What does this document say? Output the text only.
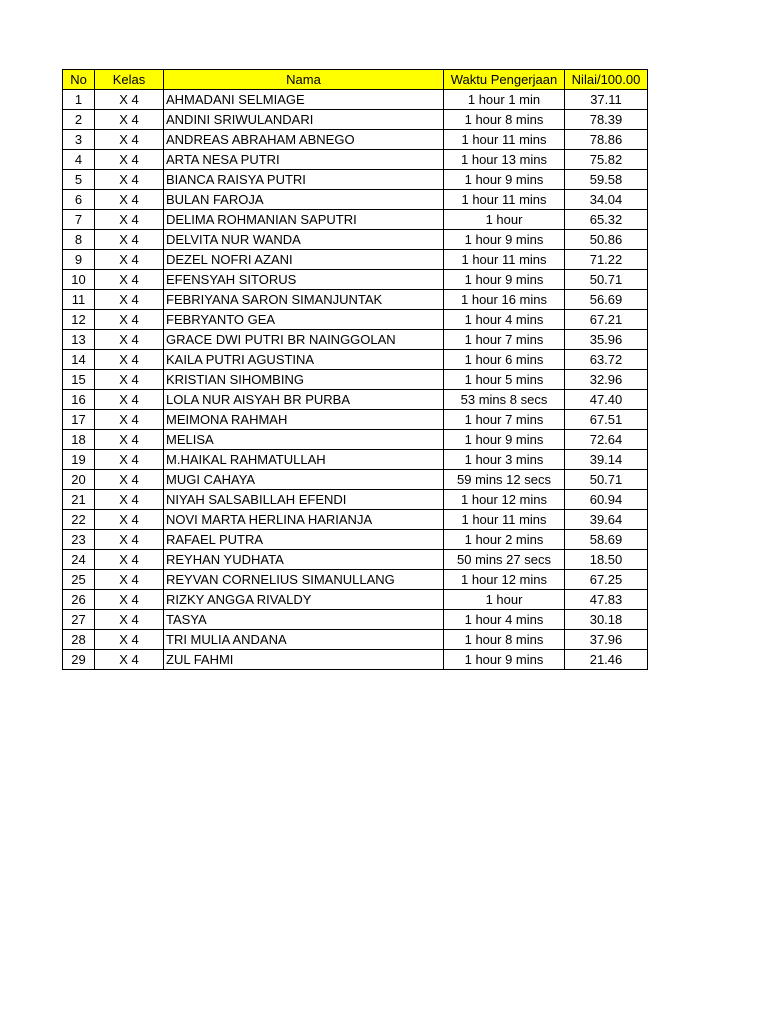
No	Kelas	Nama	Waktu Pengerjaan	Nilai/100.00
1	X 4	AHMADANI SELMIAGE	1 hour 1 min	37.11
2	X 4	ANDINI SRIWULANDARI	1 hour 8 mins	78.39
3	X 4	ANDREAS ABRAHAM ABNEGO	1 hour 11 mins	78.86
4	X 4	ARTA NESA PUTRI	1 hour 13 mins	75.82
5	X 4	BIANCA RAISYA PUTRI	1 hour 9 mins	59.58
6	X 4	BULAN FAROJA	1 hour 11 mins	34.04
7	X 4	DELIMA ROHMANIAN SAPUTRI	1 hour	65.32
8	X 4	DELVITA NUR WANDA	1 hour 9 mins	50.86
9	X 4	DEZEL NOFRI AZANI	1 hour 11 mins	71.22
10	X 4	EFENSYAH SITORUS	1 hour 9 mins	50.71
11	X 4	FEBRIYANA SARON SIMANJUNTAK	1 hour 16 mins	56.69
12	X 4	FEBRYANTO GEA	1 hour 4 mins	67.21
13	X 4	GRACE DWI PUTRI BR NAINGGOLAN	1 hour 7 mins	35.96
14	X 4	KAILA PUTRI AGUSTINA	1 hour 6 mins	63.72
15	X 4	KRISTIAN SIHOMBING	1 hour 5 mins	32.96
16	X 4	LOLA NUR AISYAH BR PURBA	53 mins 8 secs	47.40
17	X 4	MEIMONA RAHMAH	1 hour 7 mins	67.51
18	X 4	MELISA	1 hour 9 mins	72.64
19	X 4	M.HAIKAL RAHMATULLAH	1 hour 3 mins	39.14
20	X 4	MUGI CAHAYA	59 mins 12 secs	50.71
21	X 4	NIYAH SALSABILLAH EFENDI	1 hour 12 mins	60.94
22	X 4	NOVI MARTA HERLINA HARIANJA	1 hour 11 mins	39.64
23	X 4	RAFAEL PUTRA	1 hour 2 mins	58.69
24	X 4	REYHAN YUDHATA	50 mins 27 secs	18.50
25	X 4	REYVAN CORNELIUS SIMANULLANG	1 hour 12 mins	67.25
26	X 4	RIZKY ANGGA RIVALDY	1 hour	47.83
27	X 4	TASYA	1 hour 4 mins	30.18
28	X 4	TRI MULIA ANDANA	1 hour 8 mins	37.96
29	X 4	ZUL FAHMI	1 hour 9 mins	21.46
